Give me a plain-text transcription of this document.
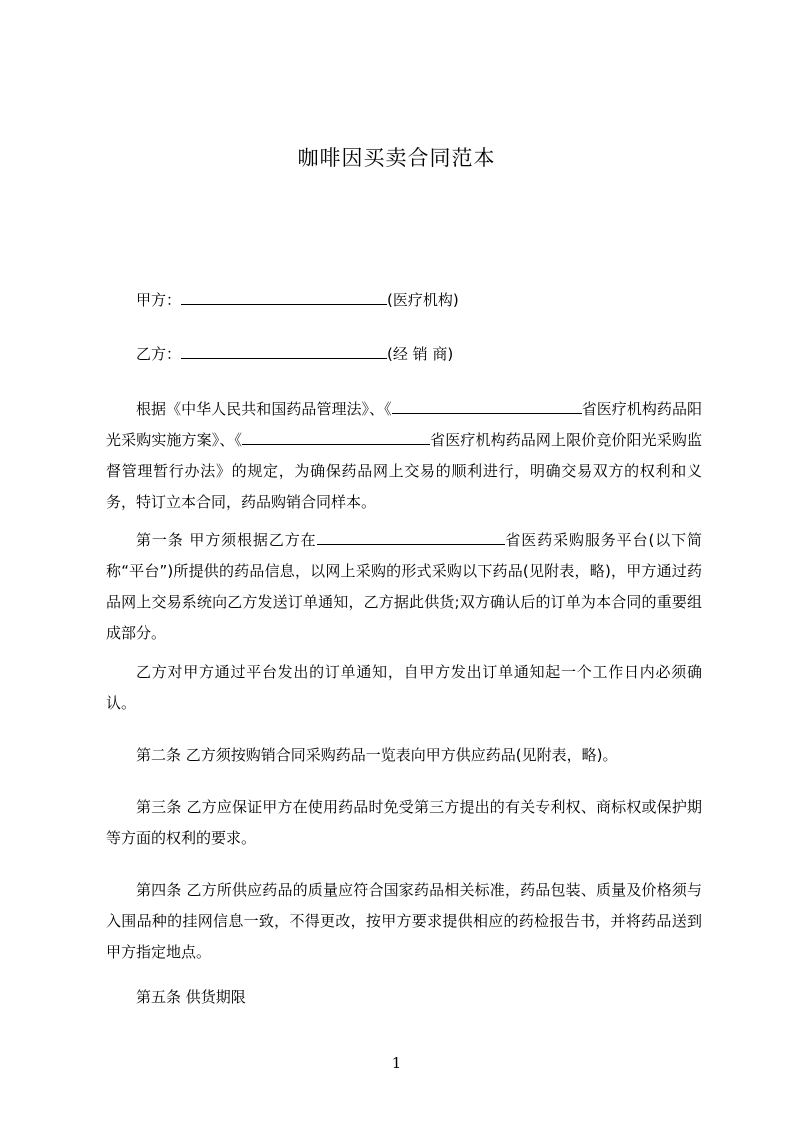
咖啡因买卖合同范本
甲方：	(医疗机构)
乙方：	(经 销 商)

根据《中华人民共和国药品管理法》、《	省医疗机构药品阳光采购实施方案》、《	省医疗机构药品网上限价竞价阳光采购监督管理暂行办法》的规定，为确保药品网上交易的顺利进行，明确交易双方的权利和义务，特订立本合同，药品购销合同样本。

第一条 甲方须根据乙方在	省医药采购服务平台(以下简称“平台”)所提供的药品信息，以网上采购的形式采购以下药品(见附表，略)，甲方通过药品网上交易系统向乙方发送订单通知，乙方据此供货;双方确认后的订单为本合同的重要组成部分。

乙方对甲方通过平台发出的订单通知，自甲方发出订单通知起一个工作日内必须确认。

第二条 乙方须按购销合同采购药品一览表向甲方供应药品(见附表，略)。

第三条 乙方应保证甲方在使用药品时免受第三方提出的有关专利权、商标权或保护期等方面的权利的要求。

第四条 乙方所供应药品的质量应符合国家药品相关标准，药品包装、质量及价格须与入围品种的挂网信息一致，不得更改，按甲方要求提供相应的药检报告书，并将药品送到甲方指定地点。

第五条 供货期限

1
